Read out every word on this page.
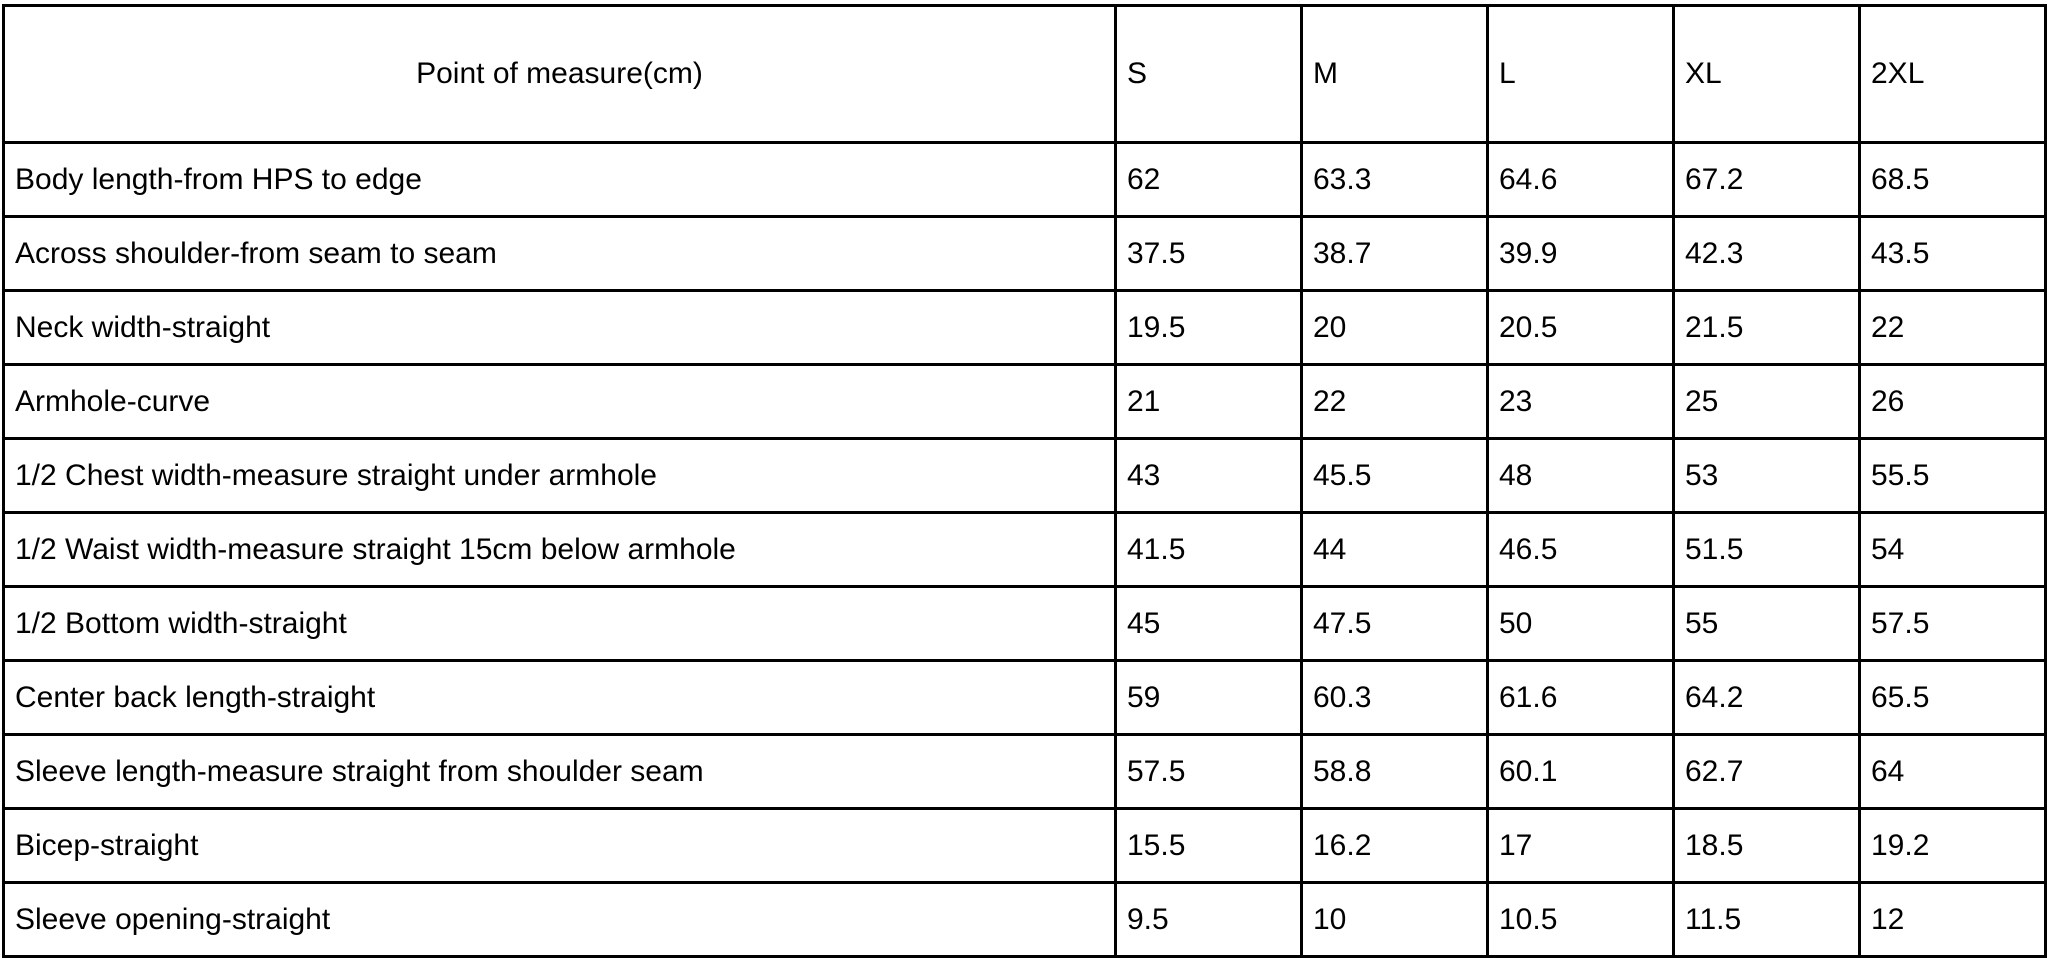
Point of measure(cm)	S	M	L	XL	2XL
Body length-from HPS to edge	62	63.3	64.6	67.2	68.5
Across shoulder-from seam to seam	37.5	38.7	39.9	42.3	43.5
Neck width-straight	19.5	20	20.5	21.5	22
Armhole-curve	21	22	23	25	26
1/2 Chest width-measure straight under armhole	43	45.5	48	53	55.5
1/2 Waist width-measure straight 15cm below armhole	41.5	44	46.5	51.5	54
1/2 Bottom width-straight	45	47.5	50	55	57.5
Center back length-straight	59	60.3	61.6	64.2	65.5
Sleeve length-measure straight from shoulder seam	57.5	58.8	60.1	62.7	64
Bicep-straight	15.5	16.2	17	18.5	19.2
Sleeve opening-straight	9.5	10	10.5	11.5	12
